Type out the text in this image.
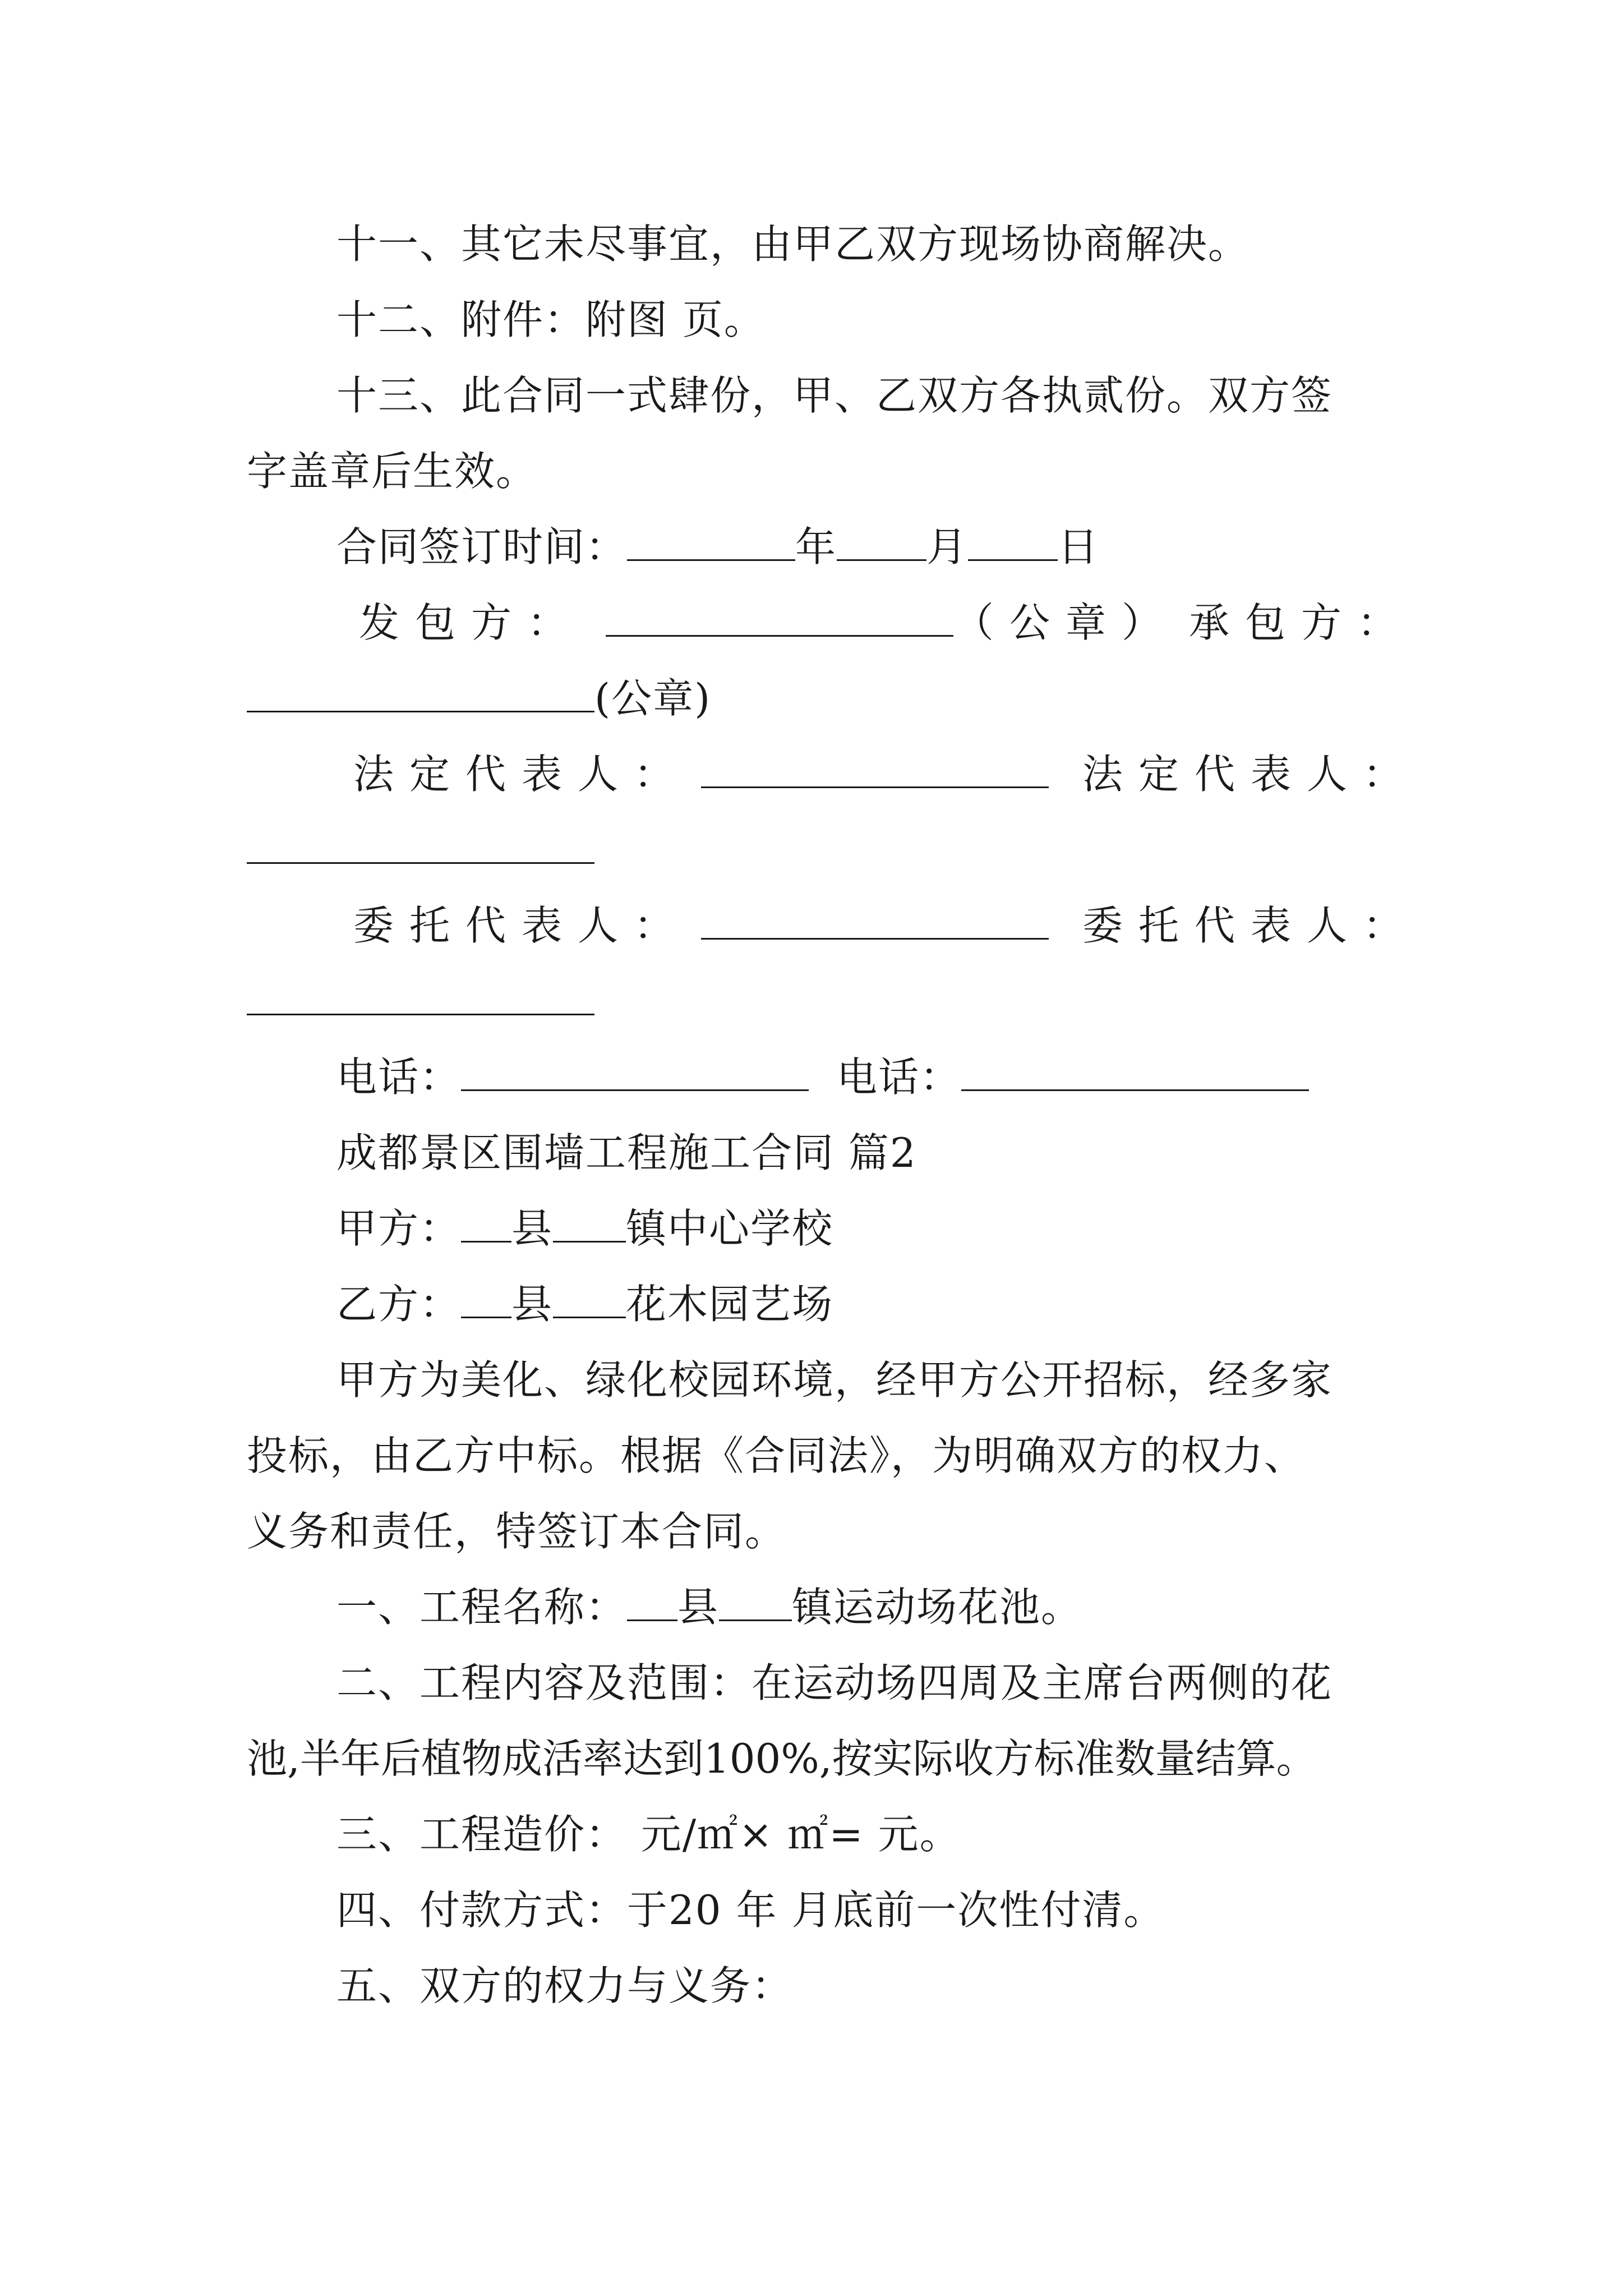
十一、其它未尽事宜，由甲乙双方现场协商解决。
十二、附件：附图 页。
十三、此合同一式肆份，甲、乙双方各执贰份。双方签
字盖章后生效。
合同签订时间：	年 月 日
发包方：	（公章） 承包方：
(公章)
法定代表人：	法定代表人：
委托代表人：	委托代表人：
电话：	电话：
成都景区围墙工程施工合同 篇2
甲方： 县 镇中心学校
乙方： 县 花木园艺场
甲方为美化、绿化校园环境，经甲方公开招标，经多家
投标，由乙方中标。根据《合同法》，为明确双方的权力、
义务和责任，特签订本合同。
一、工程名称： 县 镇运动场花池。
二、工程内容及范围：在运动场四周及主席台两侧的花
池,半年后植物成活率达到100%,按实际收方标准数量结算。
三、工程造价： 元/㎡× ㎡= 元。
四、付款方式：于20 年 月底前一次性付清。
五、双方的权力与义务：
